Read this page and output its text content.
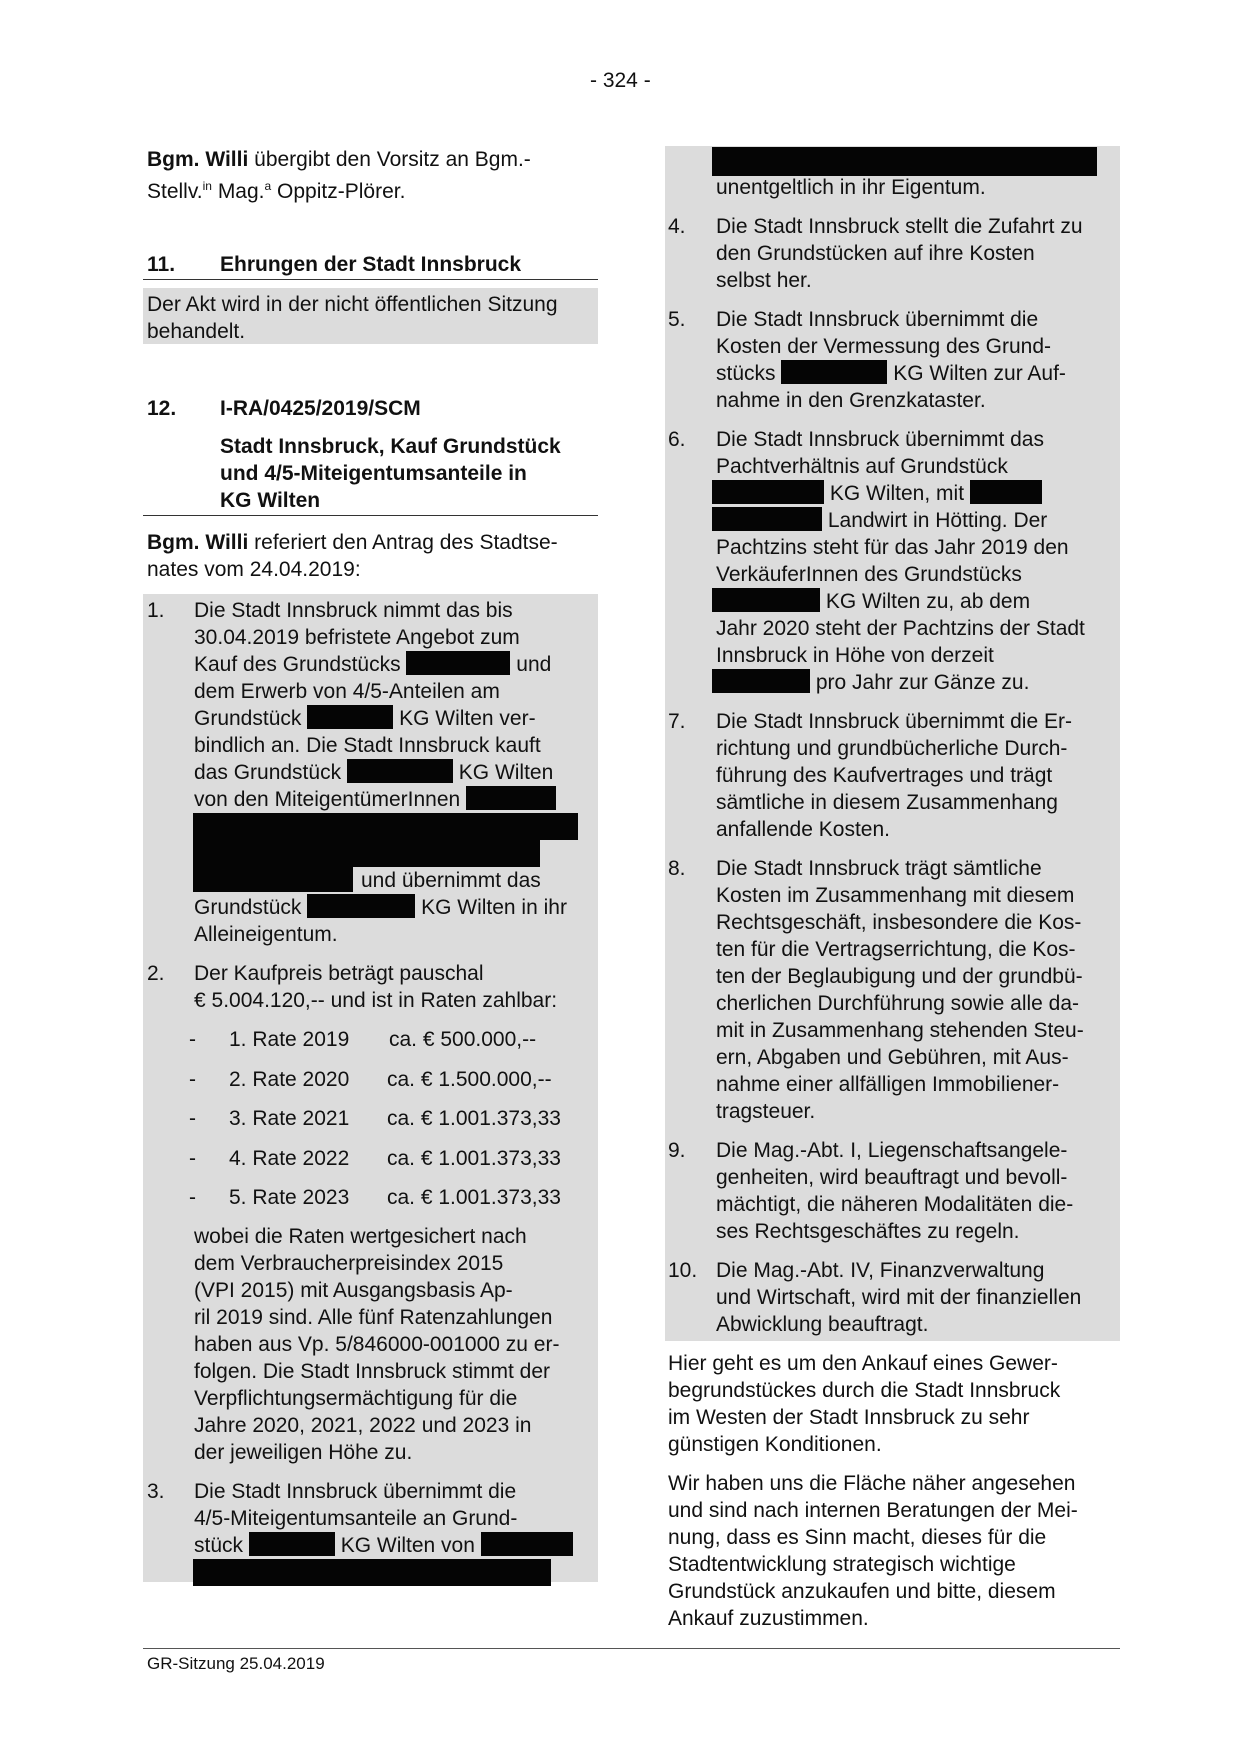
- 324 -
Bgm. Willi übergibt den Vorsitz an Bgm.-
Stellv.$^{in}$ Mag.$^a$ Oppitz-Plörer.
11. Ehrungen der Stadt Innsbruck
Der Akt wird in der nicht öffentlichen Sitzung
behandelt.
12. I-RA/0425/2019/SCM
Stadt Innsbruck, Kauf Grundstück
und 4/5-Miteigentumsanteile in
KG Wilten
Bgm. Willi referiert den Antrag des Stadtse-
nates vom 24.04.2019:
1. Die Stadt Innsbruck nimmt das bis
30.04.2019 befristete Angebot zum
Kauf des Grundstücks	und
dem Erwerb von 4/5-Anteilen am
Grundstück	KG Wilten ver-
bindlich an. Die Stadt Innsbruck kauft
das Grundstück	KG Wilten
von den MiteigentümerInnen
und übernimmt das
Grundstück	KG Wilten in ihr
Alleineigentum.
2. Der Kaufpreis beträgt pauschal
€ 5.004.120,-- und ist in Raten zahlbar:
- 1. Rate 2019 ca. € 500.000,--
- 2. Rate 2020 ca. € 1.500.000,--
- 3. Rate 2021 ca. € 1.001.373,33
- 4. Rate 2022 ca. € 1.001.373,33
- 5. Rate 2023 ca. € 1.001.373,33
wobei die Raten wertgesichert nach
dem Verbraucherpreisindex 2015
(VPI 2015) mit Ausgangsbasis Ap-
ril 2019 sind. Alle fünf Ratenzahlungen
haben aus Vp. 5/846000-001000 zu er-
folgen. Die Stadt Innsbruck stimmt der
Verpflichtungsermächtigung für die
Jahre 2020, 2021, 2022 und 2023 in
der jeweiligen Höhe zu.
3. Die Stadt Innsbruck übernimmt die
4/5-Miteigentumsanteile an Grund-
stück	KG Wilten von
unentgeltlich in ihr Eigentum.
4. Die Stadt Innsbruck stellt die Zufahrt zu
den Grundstücken auf ihre Kosten
selbst her.
5. Die Stadt Innsbruck übernimmt die
Kosten der Vermessung des Grund-
stücks	KG Wilten zur Auf-
nahme in den Grenzkataster.
6. Die Stadt Innsbruck übernimmt das
Pachtverhältnis auf Grundstück
KG Wilten, mit
Landwirt in Hötting. Der
Pachtzins steht für das Jahr 2019 den
VerkäuferInnen des Grundstücks
KG Wilten zu, ab dem
Jahr 2020 steht der Pachtzins der Stadt
Innsbruck in Höhe von derzeit
pro Jahr zur Gänze zu.
7. Die Stadt Innsbruck übernimmt die Er-
richtung und grundbücherliche Durch-
führung des Kaufvertrages und trägt
sämtliche in diesem Zusammenhang
anfallende Kosten.
8. Die Stadt Innsbruck trägt sämtliche
Kosten im Zusammenhang mit diesem
Rechtsgeschäft, insbesondere die Kos-
ten für die Vertragserrichtung, die Kos-
ten der Beglaubigung und der grundbü-
cherlichen Durchführung sowie alle da-
mit in Zusammenhang stehenden Steu-
ern, Abgaben und Gebühren, mit Aus-
nahme einer allfälligen Immobiliener-
tragsteuer.
9. Die Mag.-Abt. I, Liegenschaftsangele-
genheiten, wird beauftragt und bevoll-
mächtigt, die näheren Modalitäten die-
ses Rechtsgeschäftes zu regeln.
10. Die Mag.-Abt. IV, Finanzverwaltung
und Wirtschaft, wird mit der finanziellen
Abwicklung beauftragt.
Hier geht es um den Ankauf eines Gewer-
begrundstückes durch die Stadt Innsbruck
im Westen der Stadt Innsbruck zu sehr
günstigen Konditionen.
Wir haben uns die Fläche näher angesehen
und sind nach internen Beratungen der Mei-
nung, dass es Sinn macht, dieses für die
Stadtentwicklung strategisch wichtige
Grundstück anzukaufen und bitte, diesem
Ankauf zuzustimmen.
GR-Sitzung 25.04.2019
